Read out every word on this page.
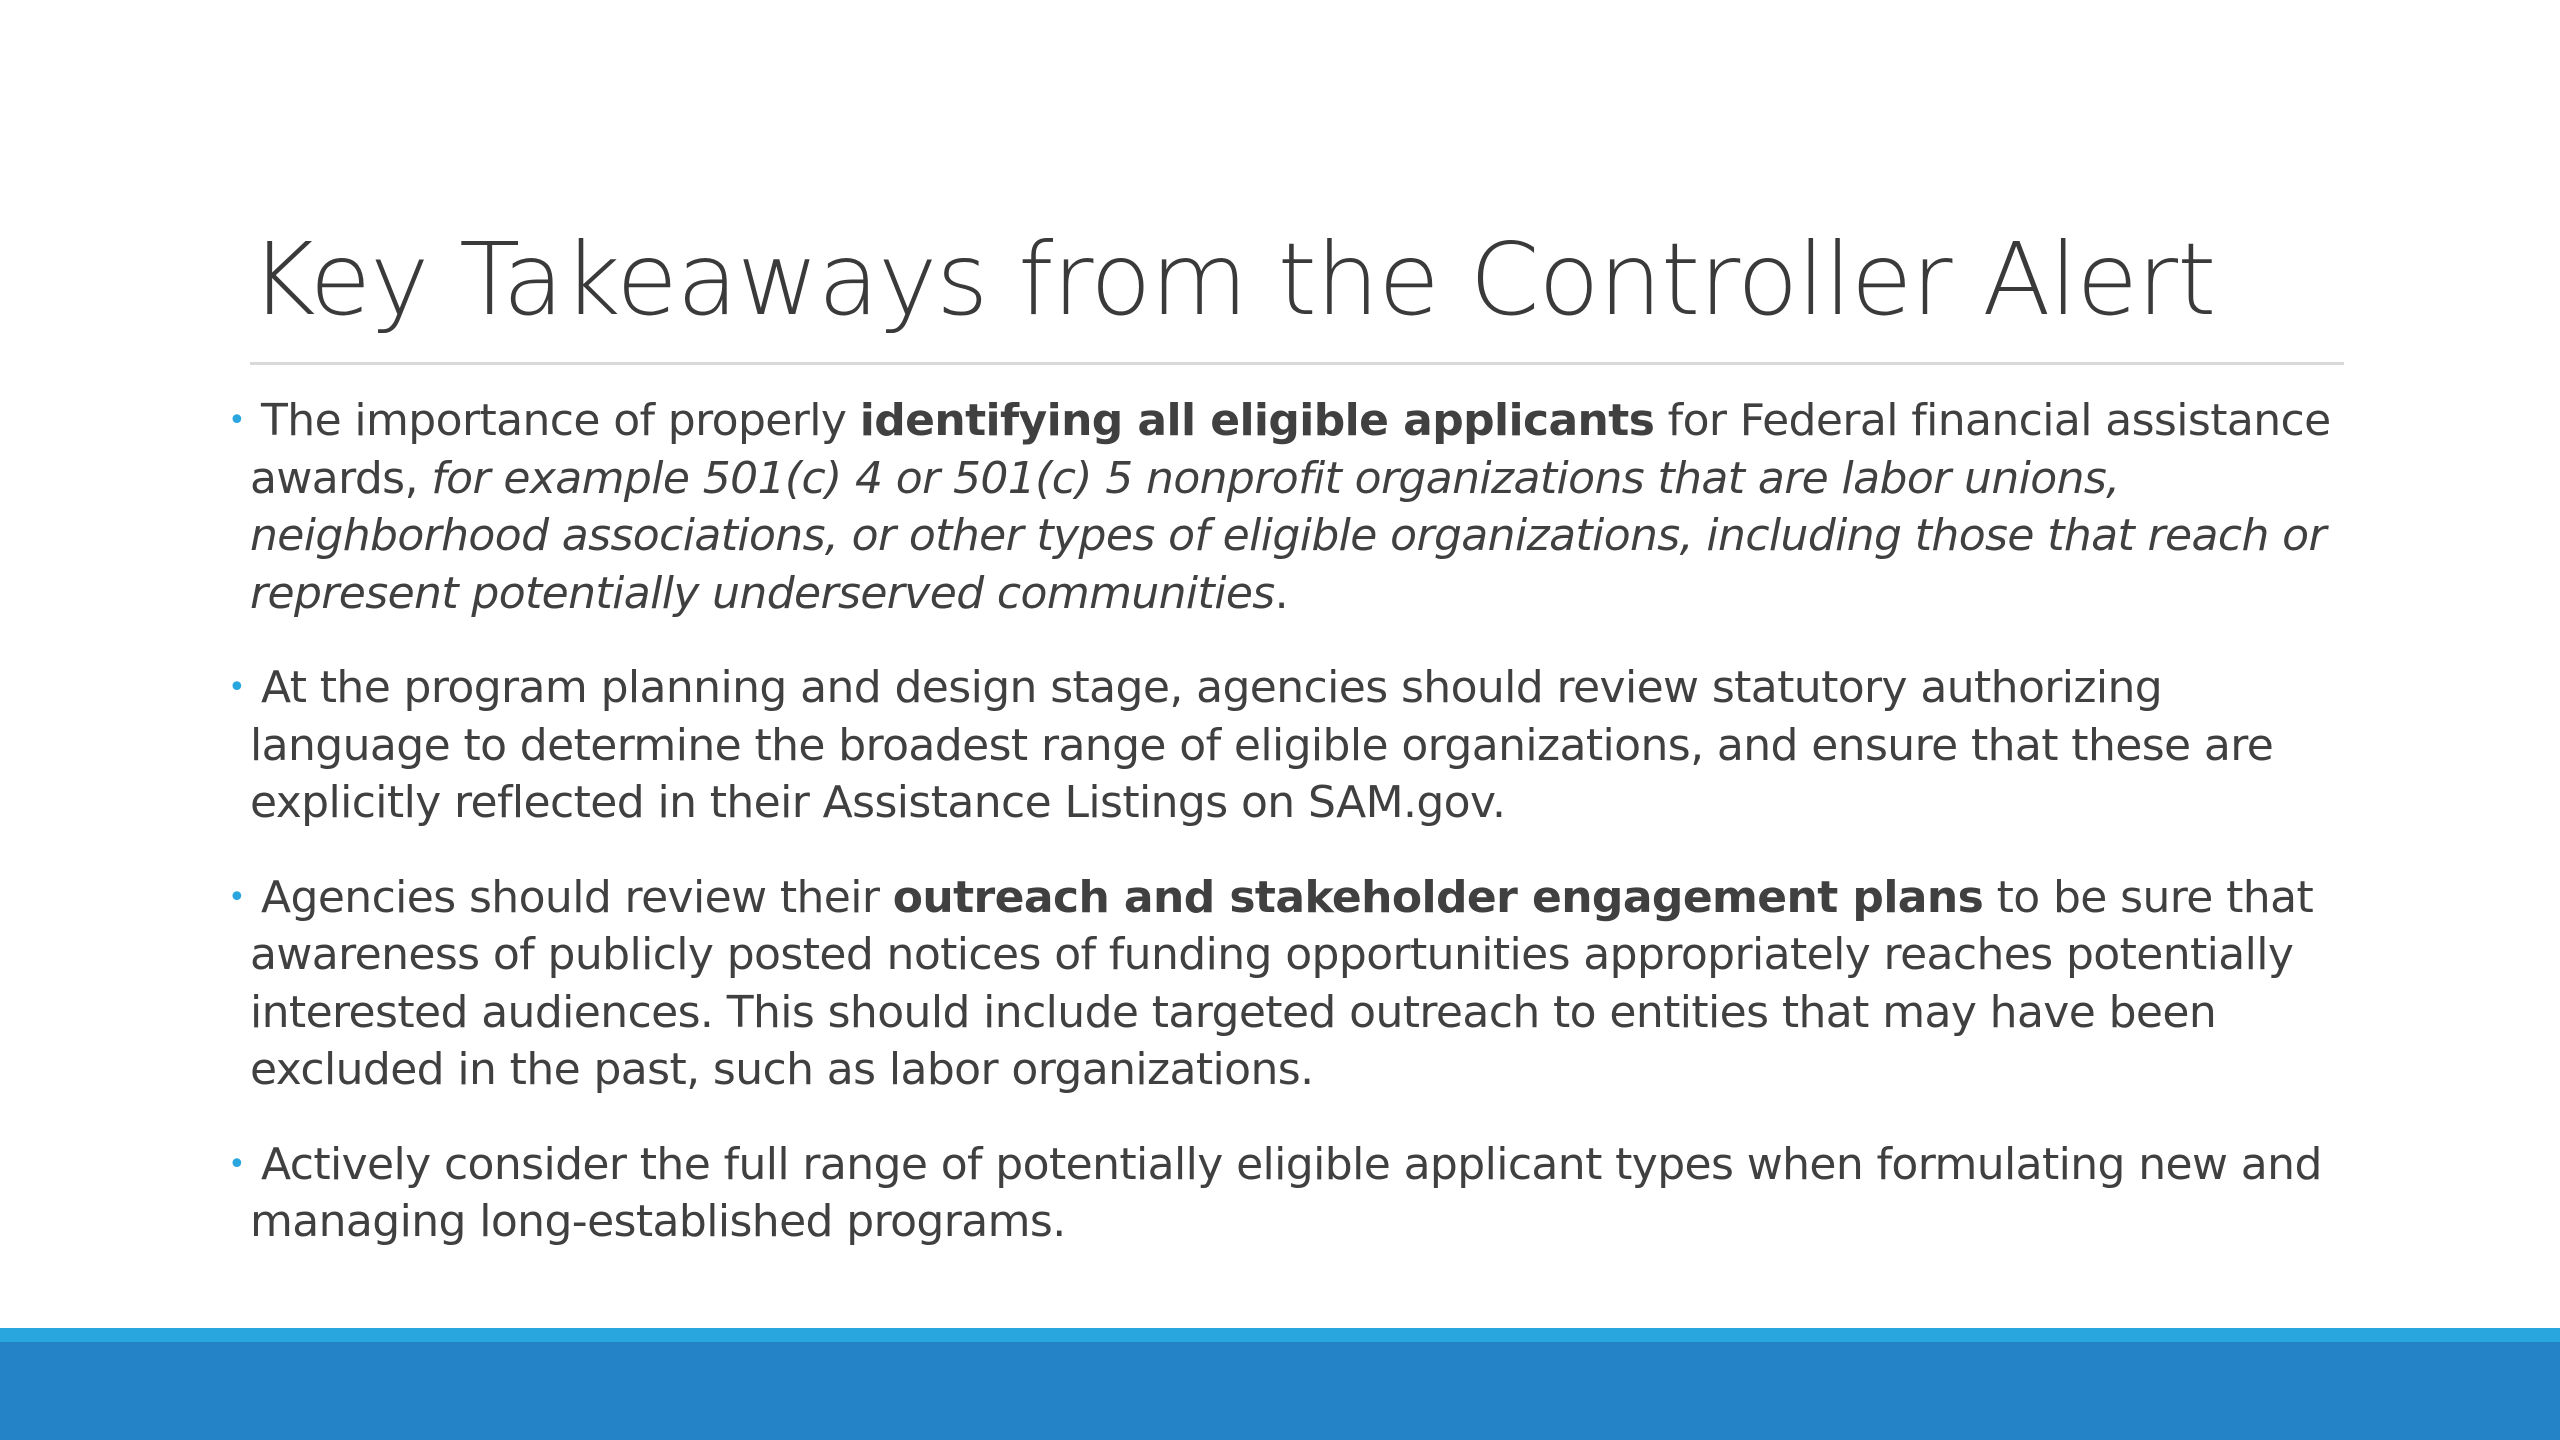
Key Takeaways from the Controller Alert
• The importance of properly identifying all eligible applicants for Federal financial assistance awards, for example 501(c) 4 or 501(c) 5 nonprofit organizations that are labor unions, neighborhood associations, or other types of eligible organizations, including those that reach or represent potentially underserved communities.
• At the program planning and design stage, agencies should review statutory authorizing language to determine the broadest range of eligible organizations, and ensure that these are explicitly reflected in their Assistance Listings on SAM.gov.
• Agencies should review their outreach and stakeholder engagement plans to be sure that awareness of publicly posted notices of funding opportunities appropriately reaches potentially interested audiences. This should include targeted outreach to entities that may have been excluded in the past, such as labor organizations.
• Actively consider the full range of potentially eligible applicant types when formulating new and managing long-established programs.
